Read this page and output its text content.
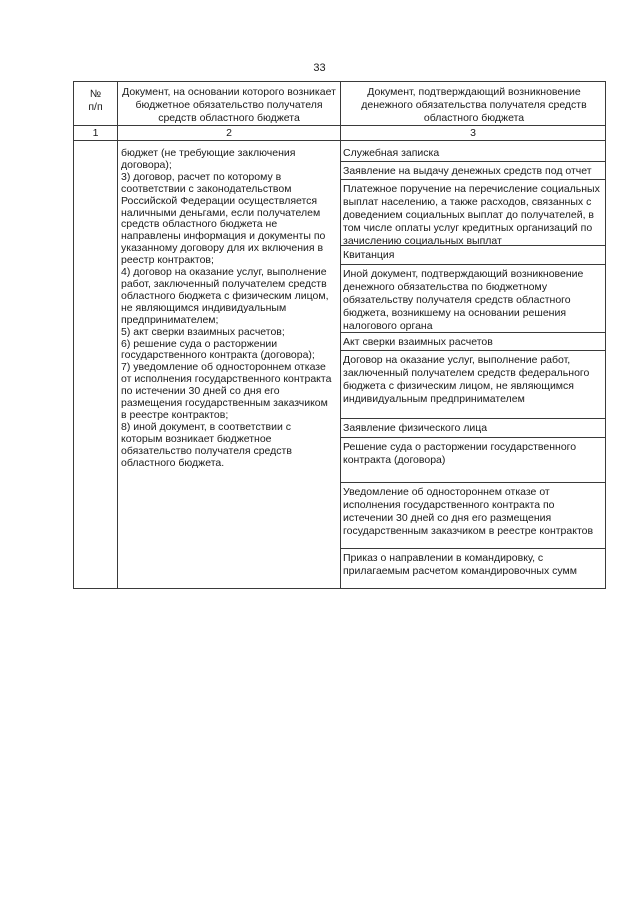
33
№
п/п
Документ, на основании которого возникает бюджетное обязательство получателя средств областного бюджета
Документ, подтверждающий возникновение денежного обязательства получателя средств областного бюджета
1	2	3
бюджет (не требующие заключения
договора);
3) договор, расчет по которому в
соответствии с законодательством
Российской Федерации осуществляется
наличными деньгами, если получателем
средств областного бюджета не
направлены информация и документы по
указанному договору для их включения в
реестр контрактов;
4) договор на оказание услуг, выполнение
работ, заключенный получателем средств
областного бюджета с физическим лицом,
не являющимся индивидуальным
предпринимателем;
5) акт сверки взаимных расчетов;
6) решение суда о расторжении
государственного контракта (договора);
7) уведомление об одностороннем отказе
от исполнения государственного контракта
по истечении 30 дней со дня его
размещения государственным заказчиком
в реестре контрактов;
8) иной документ, в соответствии с
которым возникает бюджетное
обязательство получателя средств
областного бюджета.
Служебная записка
Заявление на выдачу денежных средств под отчет
Платежное поручение на перечисление социальных выплат населению, а также расходов, связанных с доведением социальных выплат до получателей, в том числе оплаты услуг кредитных организаций по зачислению социальных выплат
Квитанция
Иной документ, подтверждающий возникновение денежного обязательства по бюджетному обязательству получателя средств областного бюджета, возникшему на основании решения налогового органа
Акт сверки взаимных расчетов
Договор на оказание услуг, выполнение работ, заключенный получателем средств федерального бюджета с физическим лицом, не являющимся индивидуальным предпринимателем
Заявление физического лица
Решение суда о расторжении государственного контракта (договора)
Уведомление об одностороннем отказе от исполнения государственного контракта по истечении 30 дней со дня его размещения государственным заказчиком в реестре контрактов
Приказ о направлении в командировку, с прилагаемым расчетом командировочных сумм
